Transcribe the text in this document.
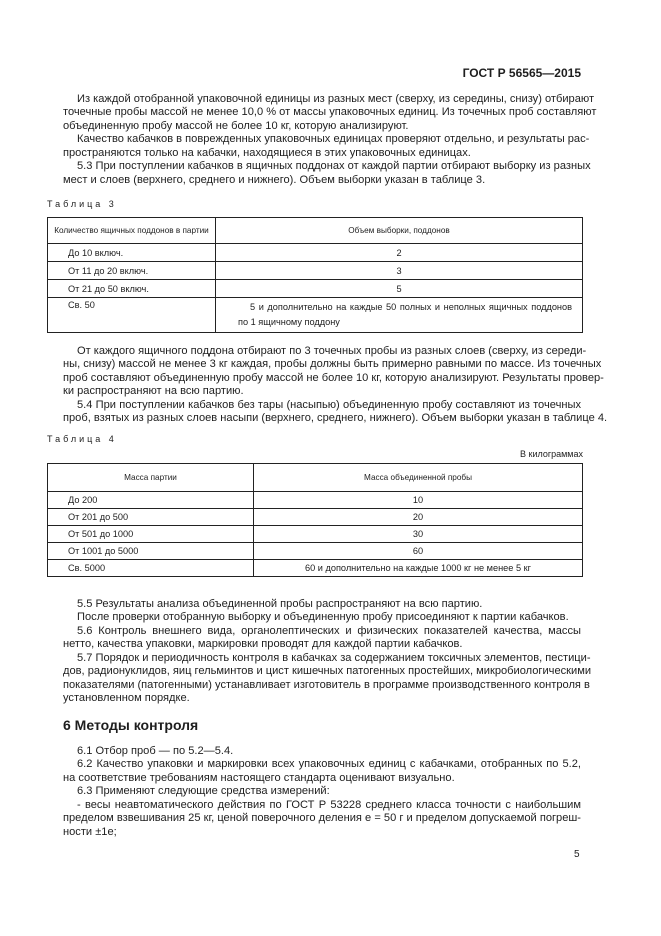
ГОСТ Р 56565—2015
Из каждой отобранной упаковочной единицы из разных мест (сверху, из середины, снизу) отбирают
точечные пробы массой не менее 10,0 % от массы упаковочных единиц. Из точечных проб составляют
объединенную пробу массой не более 10 кг, которую анализируют.
Качество кабачков в поврежденных упаковочных единицах проверяют отдельно, и результаты рас-
пространяются только на кабачки, находящиеся в этих упаковочных единицах.
5.3 При поступлении кабачков в ящичных поддонах от каждой партии отбирают выборку из разных
мест и слоев (верхнего, среднего и нижнего). Объем выборки указан в таблице 3.
Таблица 3
Количество ящичных поддонов в партии	Объем выборки, поддонов
До 10 включ.	2
От 11 до 20 включ.	3
От 21 до 50 включ.	5
Св. 50	5 и дополнительно на каждые 50 полных и неполных ящичных поддонов по 1 ящичному поддону
От каждого ящичного поддона отбирают по 3 точечных пробы из разных слоев (сверху, из середи-
ны, снизу) массой не менее 3 кг каждая, пробы должны быть примерно равными по массе. Из точечных
проб составляют объединенную пробу массой не более 10 кг, которую анализируют. Результаты провер-
ки распространяют на всю партию.
5.4 При поступлении кабачков без тары (насыпью) объединенную пробу составляют из точечных
проб, взятых из разных слоев насыпи (верхнего, среднего, нижнего). Объем выборки указан в таблице 4.
Таблица 4
В килограммах
Масса партии	Масса объединенной пробы
До 200	10
От 201 до 500	20
От 501 до 1000	30
От 1001 до 5000	60
Св. 5000	60 и дополнительно на каждые 1000 кг не менее 5 кг
5.5 Результаты анализа объединенной пробы распространяют на всю партию.
После проверки отобранную выборку и объединенную пробу присоединяют к партии кабачков.
5.6 Контроль внешнего вида, органолептических и физических показателей качества, массы
нетто, качества упаковки, маркировки проводят для каждой партии кабачков.
5.7 Порядок и периодичность контроля в кабачках за содержанием токсичных элементов, пестици-
дов, радионуклидов, яиц гельминтов и цист кишечных патогенных простейших, микробиологическими
показателями (патогенными) устанавливает изготовитель в программе производственного контроля в
установленном порядке.
6 Методы контроля
6.1 Отбор проб — по 5.2—5.4.
6.2 Качество упаковки и маркировки всех упаковочных единиц с кабачками, отобранных по 5.2,
на соответствие требованиям настоящего стандарта оценивают визуально.
6.3 Применяют следующие средства измерений:
- весы неавтоматического действия по ГОСТ Р 53228 среднего класса точности с наибольшим
пределом взвешивания 25 кг, ценой поверочного деления е = 50 г и пределом допускаемой погреш-
ности ±1е;
5
